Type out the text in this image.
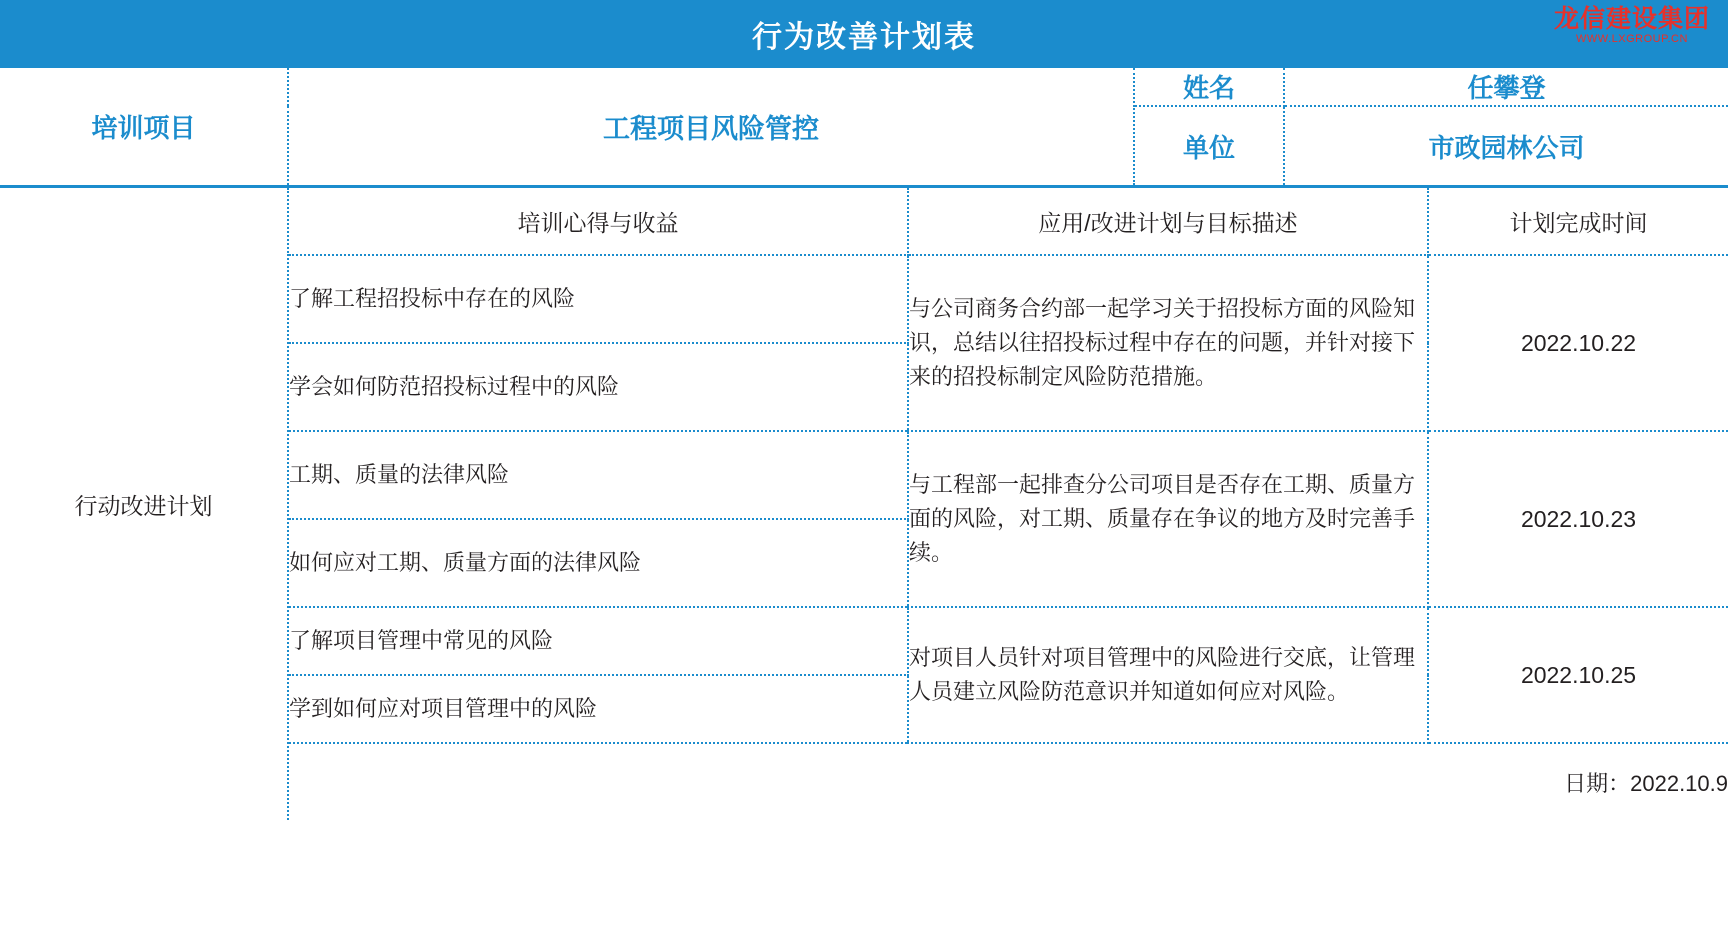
行为改善计划表
龙信建设集团
WWW.LXGROUP.CN
培训项目	工程项目风险管控	姓名	任攀登
		单位	市政园林公司
行动改进计划	培训心得与收益	应用/改进计划与目标描述	计划完成时间
	了解工程招投标中存在的风险	与公司商务合约部一起学习关于招投标方面的风险知识，总结以往招投标过程中存在的问题，并针对接下来的招投标制定风险防范措施。	2022.10.22
	学会如何防范招投标过程中的风险		
	工期、质量的法律风险	与工程部一起排查分公司项目是否存在工期、质量方面的风险，对工期、质量存在争议的地方及时完善手续。	2022.10.23
	如何应对工期、质量方面的法律风险		
	了解项目管理中常见的风险	对项目人员针对项目管理中的风险进行交底，让管理人员建立风险防范意识并知道如何应对风险。	2022.10.25
	学到如何应对项目管理中的风险		
	日期：2022.10.9		
